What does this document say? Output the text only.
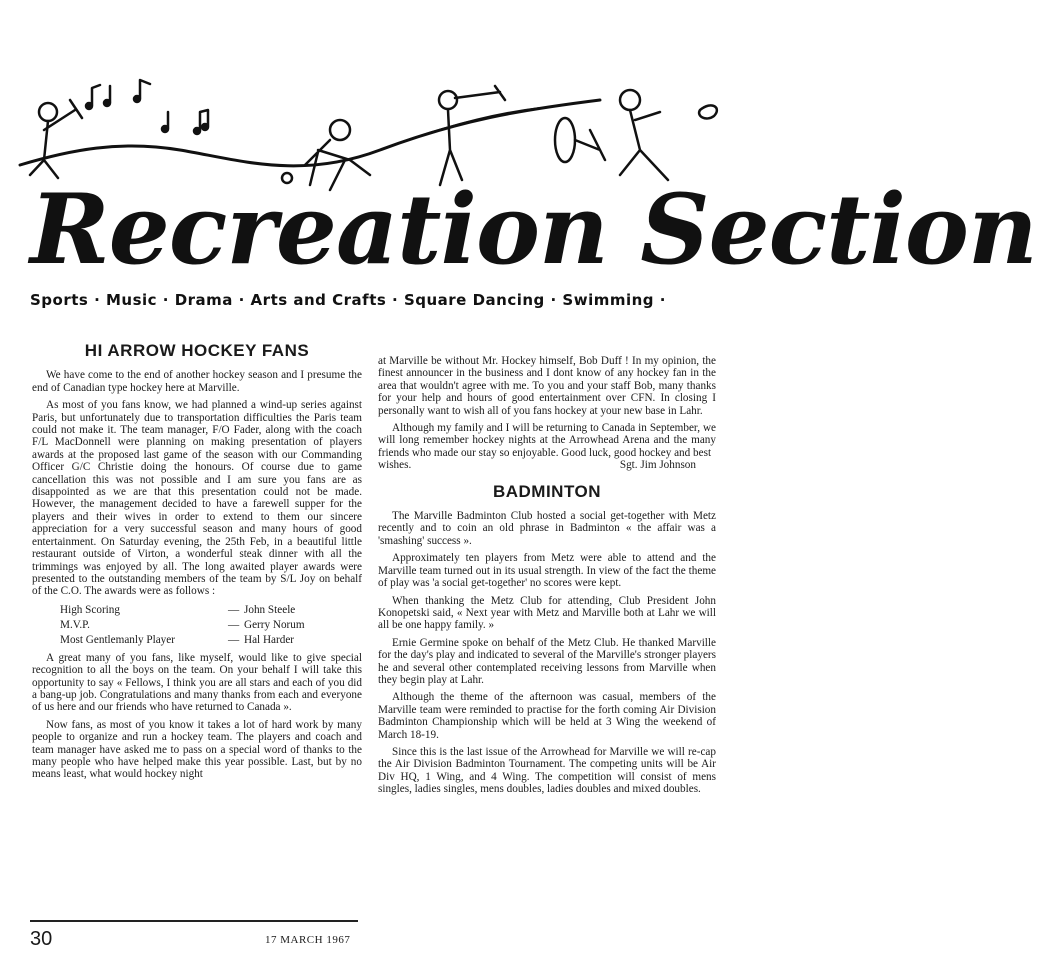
Recreation Section
Sports · Music · Drama · Arts and Crafts · Square Dancing · Swimming ·
HI ARROW HOCKEY FANS

We have come to the end of another hockey season and I presume the end of Canadian type hockey here at Marville.

As most of you fans know, we had planned a wind-up series against Paris, but unfortunately due to transportation difficulties the Paris team could not make it. The team manager, F/O Fader, along with the coach F/L MacDonnell were planning on making presentation of players awards at the proposed last game of the season with our Commanding Officer G/C Christie doing the honours. Of course due to game cancellation this was not possible and I am sure you fans are as disappointed as we are that this presentation could not be made. However, the management decided to have a farewell supper for the players and their wives in order to extend to them our sincere appreciation for a very successful season and many hours of good entertainment. On Saturday evening, the 25th Feb, in a beautiful little restaurant outside of Virton, a wonderful steak dinner with all the trimmings was enjoyed by all. The long awaited player awards were presented to the outstanding members of the team by S/L Joy on behalf of the C.O. The awards were as follows :

High Scoring	— John Steele
M.V.P.	— Gerry Norum
Most Gentlemanly Player	— Hal Harder

A great many of you fans, like myself, would like to give special recognition to all the boys on the team. On your behalf I will take this opportunity to say « Fellows, I think you are all stars and each of you did a bang-up job. Congratulations and many thanks from each and everyone of us here and our friends who have returned to Canada ».

Now fans, as most of you know it takes a lot of hard work by many people to organize and run a hockey team. The players and coach and team manager have asked me to pass on a special word of thanks to the many people who have helped make this year possible. Last, but by no means least, what would hockey night

at Marville be without Mr. Hockey himself, Bob Duff ! In my opinion, the finest announcer in the business and I dont know of any hockey fan in the area that wouldn't agree with me. To you and your staff Bob, many thanks for your help and hours of good entertainment over CFN. In closing I personally want to wish all of you fans hockey at your new base in Lahr.

Although my family and I will be returning to Canada in September, we will long remember hockey nights at the Arrowhead Arena and the many friends who made our stay so enjoyable. Good luck, good hockey and best

wishes.	Sgt. Jim Johnson
BADMINTON

The Marville Badminton Club hosted a social get-together with Metz recently and to coin an old phrase in Badminton « the affair was a 'smashing' success ».

Approximately ten players from Metz were able to attend and the Marville team turned out in its usual strength. In view of the fact the theme of play was 'a social get-together' no scores were kept.

When thanking the Metz Club for attending, Club President John Konopetski said, « Next year with Metz and Marville both at Lahr we will all be one happy family. »

Ernie Germine spoke on behalf of the Metz Club. He thanked Marville for the day's play and indicated to several of the Marville's stronger players he and several other contemplated receiving lessons from Marville when they begin play at Lahr.

Although the theme of the afternoon was casual, members of the Marville team were reminded to practise for the forth coming Air Division Badminton Championship which will be held at 3 Wing the weekend of March 18-19.

Since this is the last issue of the Arrowhead for Marville we will re-cap the Air Division Badminton Tournament. The competing units will be Air Div HQ, 1 Wing, and 4 Wing. The competition will consist of mens singles, ladies singles, mens doubles, ladies doubles and mixed doubles.

30	17 MARCH 1967
